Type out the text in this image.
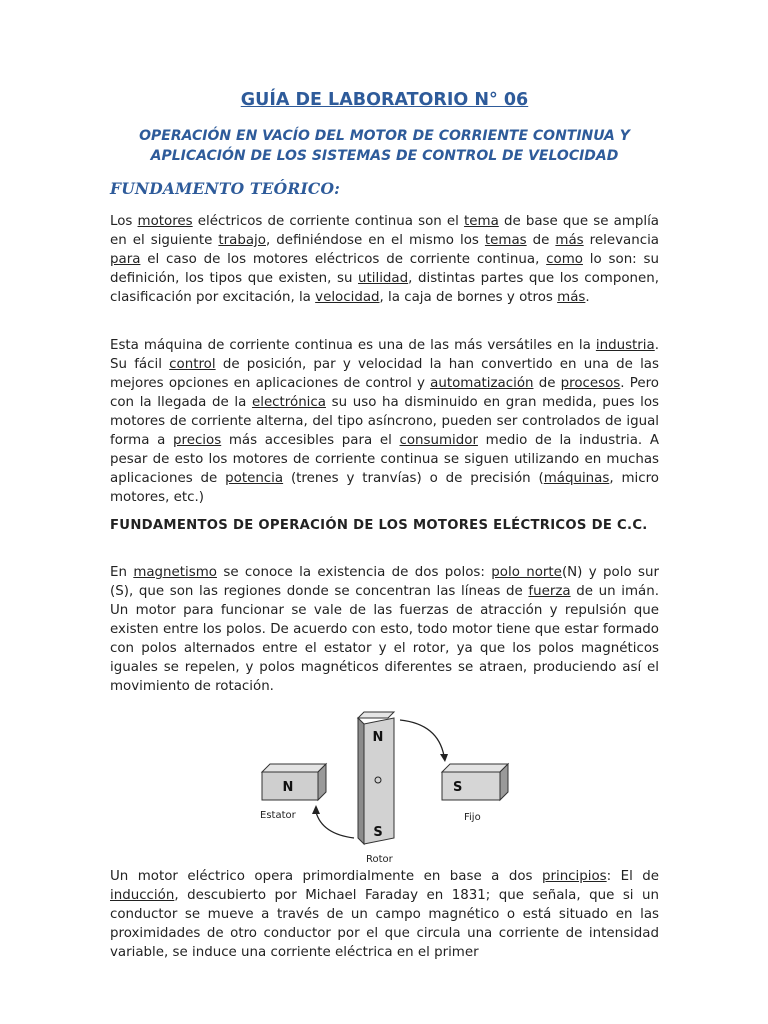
GUÍA DE LABORATORIO N° 06
OPERACIÓN EN VACÍO DEL MOTOR DE CORRIENTE CONTINUA Y
APLICACIÓN DE LOS SISTEMAS DE CONTROL DE VELOCIDAD
FUNDAMENTO TEÓRICO:

Los motores eléctricos de corriente continua son el tema de base que se amplía en el siguiente trabajo, definiéndose en el mismo los temas de más relevancia para el caso de los motores eléctricos de corriente continua, como lo son: su definición, los tipos que existen, su utilidad, distintas partes que los componen, clasificación por excitación, la velocidad, la caja de bornes y otros más.

Esta máquina de corriente continua es una de las más versátiles en la industria. Su fácil control de posición, par y velocidad la han convertido en una de las mejores opciones en aplicaciones de control y automatización de procesos. Pero con la llegada de la electrónica su uso ha disminuido en gran medida, pues los motores de corriente alterna, del tipo asíncrono, pueden ser controlados de igual forma a precios más accesibles para el consumidor medio de la industria. A pesar de esto los motores de corriente continua se siguen utilizando en muchas aplicaciones de potencia (trenes y tranvías) o de precisión (máquinas, micro motores, etc.)

FUNDAMENTOS DE OPERACIÓN DE LOS MOTORES ELÉCTRICOS DE C.C.

En magnetismo se conoce la existencia de dos polos: polo norte(N) y polo sur (S), que son las regiones donde se concentran las líneas de fuerza de un imán. Un motor para funcionar se vale de las fuerzas de atracción y repulsión que existen entre los polos. De acuerdo con esto, todo motor tiene que estar formado con polos alternados entre el estator y el rotor, ya que los polos magnéticos iguales se repelen, y polos magnéticos diferentes se atraen, produciendo así el movimiento de rotación.

N
Estator
N
S
Rotor
S
Fijo

Un motor eléctrico opera primordialmente en base a dos principios: El de inducción, descubierto por Michael Faraday en 1831; que señala, que si un conductor se mueve a través de un campo magnético o está situado en las proximidades de otro conductor por el que circula una corriente de intensidad variable, se induce una corriente eléctrica en el primer
